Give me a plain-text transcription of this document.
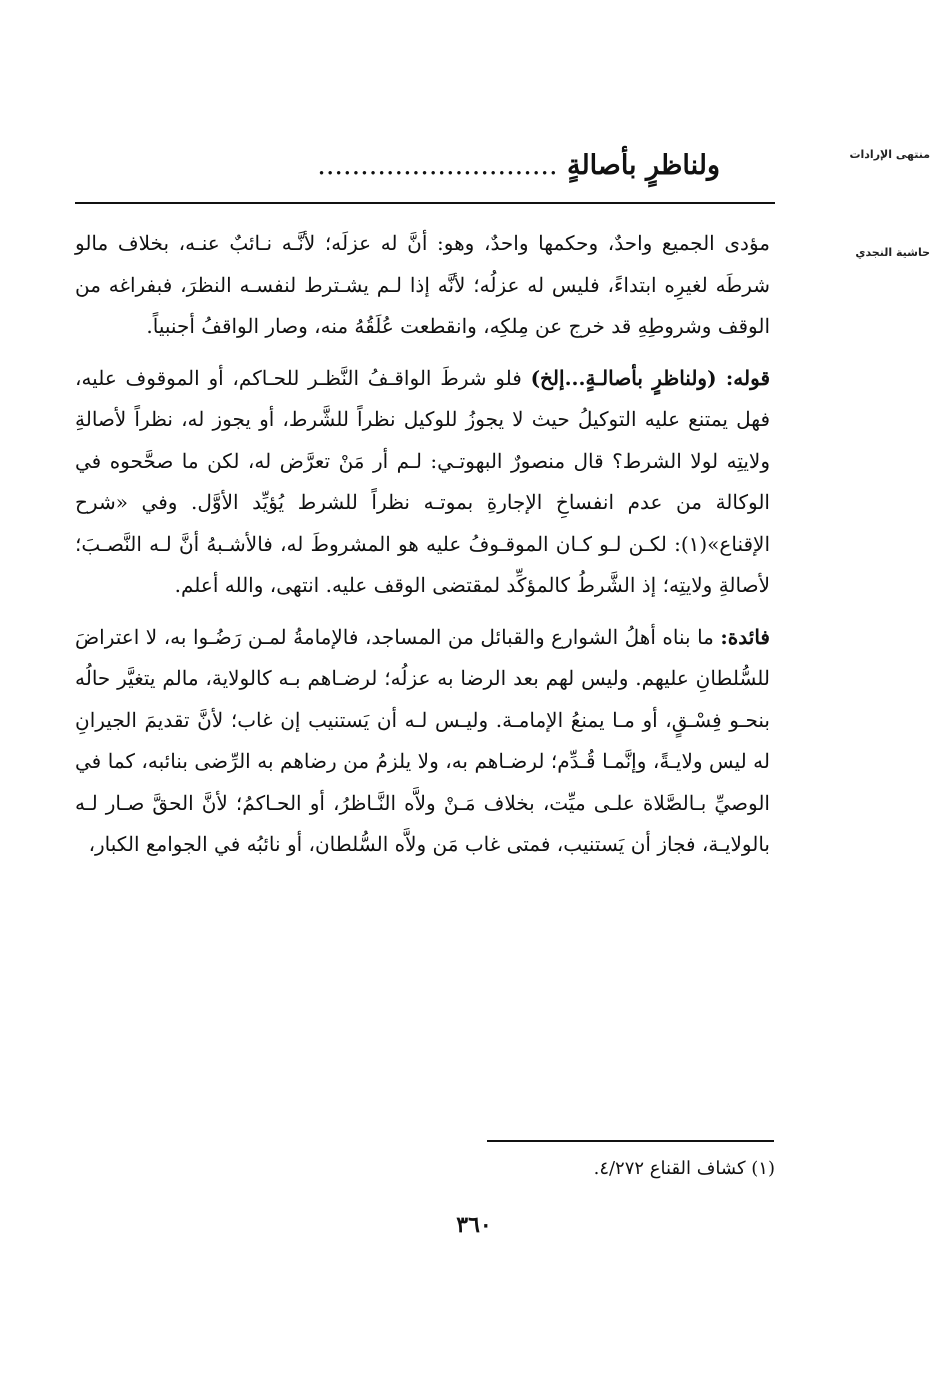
منتهى الإرادات
حاشية النجدي
ولناظرٍ بأصالةٍ ............................

مؤدى الجميع واحدٌ، وحكمها واحدٌ، وهو: أنَّ له عزلَه؛ لأنَّـه نـائبٌ عنـه، بخلاف مالو شرطَه لغيرِه ابتداءً، فليس له عزلُه؛ لأنَّه إذا لـم يشـترط لنفسـه النظرَ، فبفراغه من الوقف وشروطِهِ قد خرج عن مِلكِه، وانقطعت عُلَقُهُ منه، وصار الواقفُ أجنبياً.

قوله: (ولناظرٍ بأصالـةٍ...إلخ) فلو شرطَ الواقـفُ النَّظـر للحـاكم، أو الموقوف عليه، فهل يمتنع عليه التوكيلُ حيث لا يجوزُ للوكيل نظراً للشَّرط، أو يجوز له، نظراً لأصالةِ ولايتِه لولا الشرط؟ قال منصورٌ البهوتـي: لـم أر مَنْ تعرَّض له، لكن ما صحَّحوه في الوكالة من عدم انفساخِ الإجارةِ بموتـه نظراً للشرط يُؤيِّد الأوَّل. وفي «شرح الإقناع»(١): لكـن لـو كـان الموقـوفُ عليه هو المشروطَ له، فالأشـبهُ أنَّ لـه النَّصـبَ؛ لأصالةِ ولايتِه؛ إذ الشَّرطُ كالمؤكِّد لمقتضى الوقف عليه. انتهى، والله أعلم.

فائدة: ما بناه أهلُ الشوارع والقبائل من المساجد، فالإمامةُ لمـن رَضُـوا به، لا اعتراضَ للسُّلطانِ عليهم. وليس لهم بعد الرضا به عزلُه؛ لرضـاهم بـه كالولاية، مالم يتغيَّر حالُه بنحـو فِسْـقٍ، أو مـا يمنعُ الإمامـة. وليـس لـه أن يَستنيب إن غاب؛ لأنَّ تقديمَ الجيرانِ له ليس ولايـةً، وإنَّمـا قُـدِّم؛ لرضـاهم به، ولا يلزمُ من رضاهم به الرِّضى بنائبه، كما في الوصيِّ بـالصَّلاة علـى ميِّت، بخلاف مَـنْ ولاَّه النَّـاظرُ، أو الحـاكمُ؛ لأنَّ الحقَّ صـار لـه بالولايـة، فجاز أن يَستنيب، فمتى غاب مَن ولاَّه السُّلطان، أو نائبُه في الجوامع الكبار،

(١) كشاف القناع ٤/٢٧٢.
٣٦٠
